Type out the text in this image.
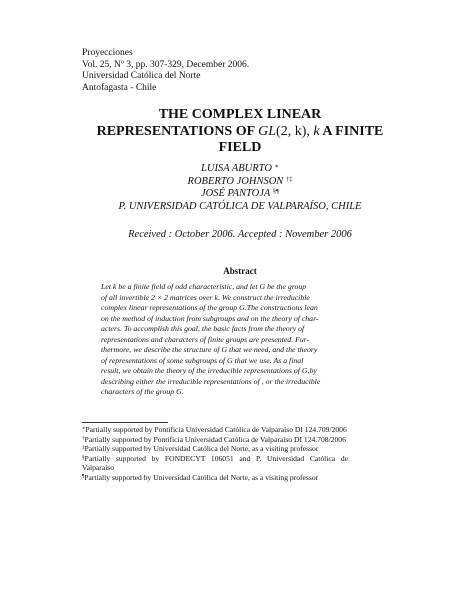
Proyecciones
Vol. 25, Nº 3, pp. 307-329, December 2006.
Universidad Católica del Norte
Antofagasta - Chile
THE COMPLEX LINEAR
REPRESENTATIONS OF GL(2, k), k A FINITE
FIELD
LUISA ABURTO ∗
ROBERTO JOHNSON †‡
JOSÉ PANTOJA §¶
P. UNIVERSIDAD CATÓLICA DE VALPARAÍSO, CHILE
Received : October 2006. Accepted : November 2006
Abstract
Let k be a finite field of odd characteristic, and let G be the group
of all invertible 2 × 2 matrices over k. We construct the irreducible
complex linear representations of the group G.The constructions lean
on the method of induction from subgroups and on the theory of char-
acters. To accomplish this goal, the basic facts from the theory of
representations and characters of finite groups are presented. Fur-
thermore, we describe the structure of G that we need, and the theory
of representations of some subgroups of G that we use. As a final
result, we obtain the theory of the irreducible representations of G,by
describing either the irreducible representations of , or the irreducible
characters of the group G.
∗Partially supported by Pontificia Universidad Católica de Valparaíso DI 124.709/2006
†Partially supported by Pontificia Universidad Católica de Valparaíso DI 124.708/2006
‡Partially supported by Universidad Católica del Norte, as a visiting professor
§Partially   supported   by   FONDECYT   106051   and   P.   Universidad   Católica   de
Valparaíso
¶Partially supported by Universidad Católica del Norte, as a visiting professor
